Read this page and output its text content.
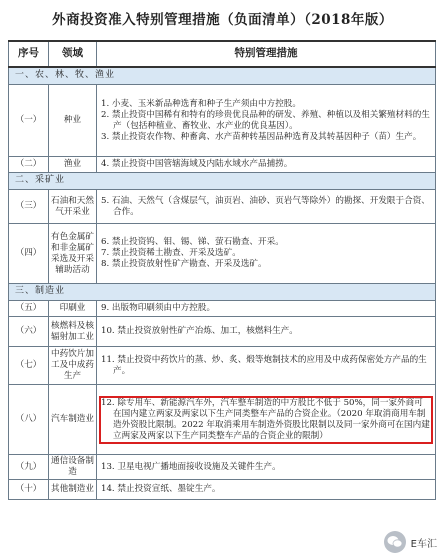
外商投资准入特别管理措施（负面清单）（2018年版）
序号	领域	特别管理措施
一、农、林、牧、渔业		
（一）	种业	1. 小麦、玉米新品种选育和种子生产须由中方控股。
2. 禁止投资中国稀有和特有的珍贵优良品种的研发、养殖、种植以及相关繁殖材料的生产（包括种植业、畜牧业、水产业的优良基因）。
3. 禁止投资农作物、种畜禽、水产苗种转基因品种选育及其转基因种子（苗）生产。

（二）	渔业	4. 禁止投资中国管辖海域及内陆水域水产品捕捞。

二、采矿业		
（三）	石油和天然气开采业	5. 石油、天然气（含煤层气，油页岩、油砂、页岩气等除外）的勘探、开发限于合资、合作。

（四）	有色金属矿和非金属矿采选及开采辅助活动	6. 禁止投资钨、钼、锡、锑、萤石勘查、开采。
7. 禁止投资稀土勘查、开采及选矿。
8. 禁止投资放射性矿产勘查、开采及选矿。

三、制造业		
（五）	印刷业	9. 出版物印刷须由中方控股。

（六）	核燃料及核辐射加工业	10. 禁止投资放射性矿产冶炼、加工，核燃料生产。

（七）	中药饮片加工及中成药生产	11. 禁止投资中药饮片的蒸、炒、炙、煅等炮制技术的应用及中成药保密处方产品的生产。

（八）	汽车制造业	12. 除专用车、新能源汽车外，汽车整车制造的中方股比不低于 50%，同一家外商可在国内建立两家及两家以下生产同类整车产品的合资企业。（2020 年取消商用车制造外资股比限制。2022 年取消乘用车制造外资股比限制以及同一家外商可在国内建立两家及两家以下生产同类整车产品的合资企业的限制）

（九）	通信设备制造	13. 卫星电视广播地面接收设施及关键件生产。

（十）	其他制造业	14. 禁止投资宣纸、墨锭生产。
E车汇
